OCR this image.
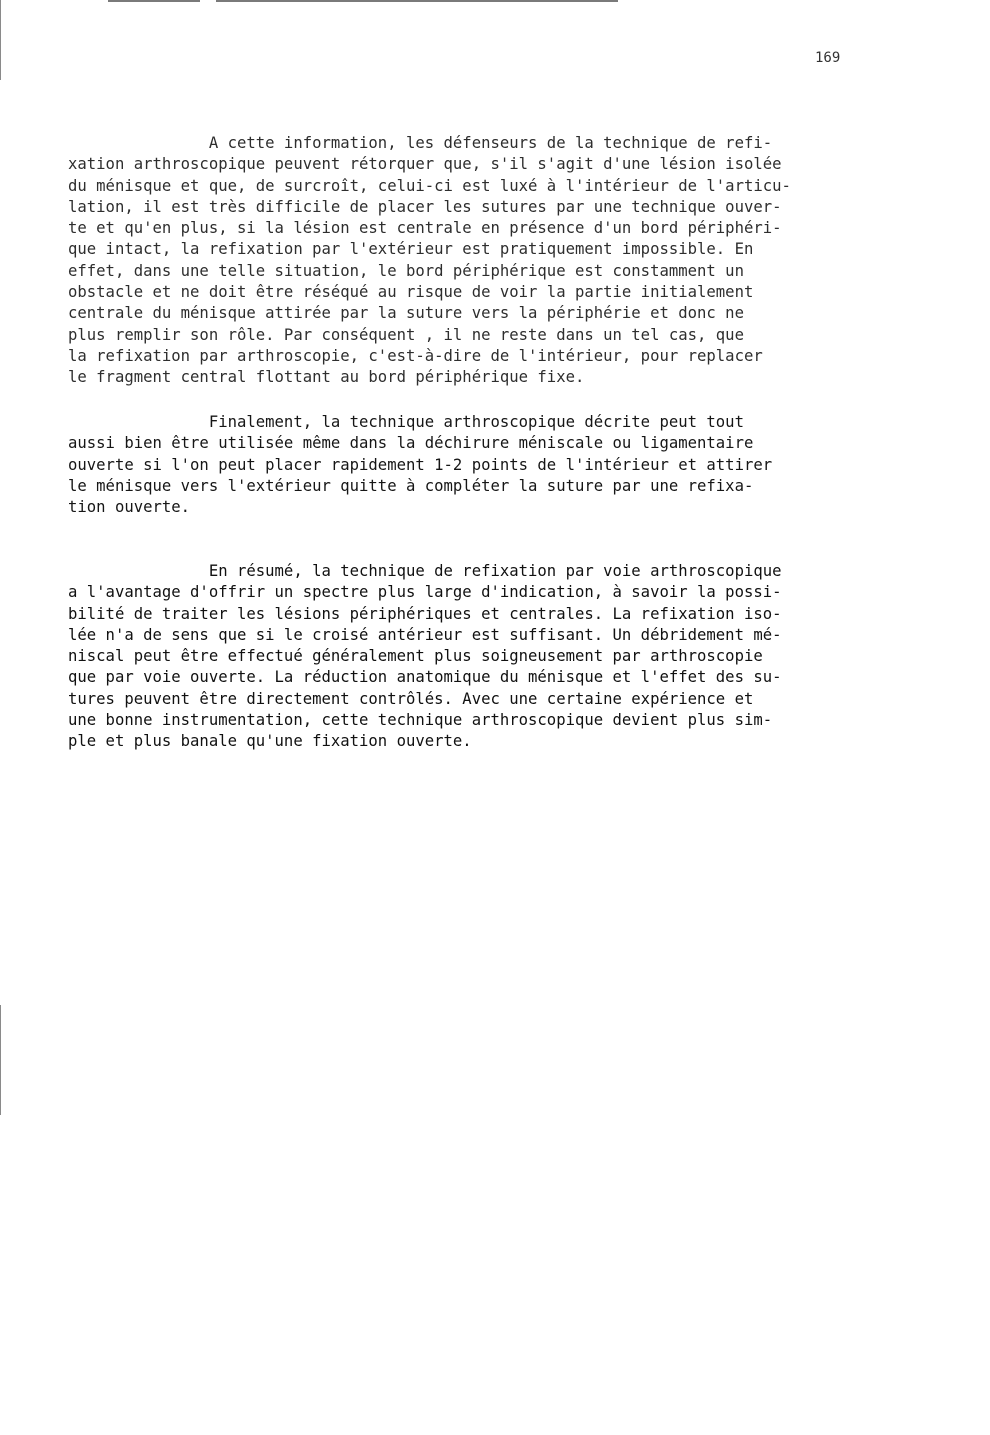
169
A cette information, les défenseurs de la technique de refi-
xation arthroscopique peuvent rétorquer que, s'il s'agit d'une lésion isolée
du ménisque et que, de surcroît, celui-ci est luxé à l'intérieur de l'articu-
lation, il est très difficile de placer les sutures par une technique ouver-
te et qu'en plus, si la lésion est centrale en présence d'un bord périphéri-
que intact, la refixation par l'extérieur est pratiquement impossible. En
effet, dans une telle situation, le bord périphérique est constamment un
obstacle et ne doit être réséqué au risque de voir la partie initialement
centrale du ménisque attirée par la suture vers la périphérie et donc ne
plus remplir son rôle. Par conséquent , il ne reste dans un tel cas, que
la refixation par arthroscopie, c'est-à-dire de l'intérieur, pour replacer
le fragment central flottant au bord périphérique fixe.
Finalement, la technique arthroscopique décrite peut tout
aussi bien être utilisée même dans la déchirure méniscale ou ligamentaire
ouverte si l'on peut placer rapidement 1-2 points de l'intérieur et attirer
le ménisque vers l'extérieur quitte à compléter la suture par une refixa-
tion ouverte.
En résumé, la technique de refixation par voie arthroscopique
a l'avantage d'offrir un spectre plus large d'indication, à savoir la possi-
bilité de traiter les lésions périphériques et centrales. La refixation iso-
lée n'a de sens que si le croisé antérieur est suffisant. Un débridement mé-
niscal peut être effectué généralement plus soigneusement par arthroscopie
que par voie ouverte. La réduction anatomique du ménisque et l'effet des su-
tures peuvent être directement contrôlés. Avec une certaine expérience et
une bonne instrumentation, cette technique arthroscopique devient plus sim-
ple et plus banale qu'une fixation ouverte.
